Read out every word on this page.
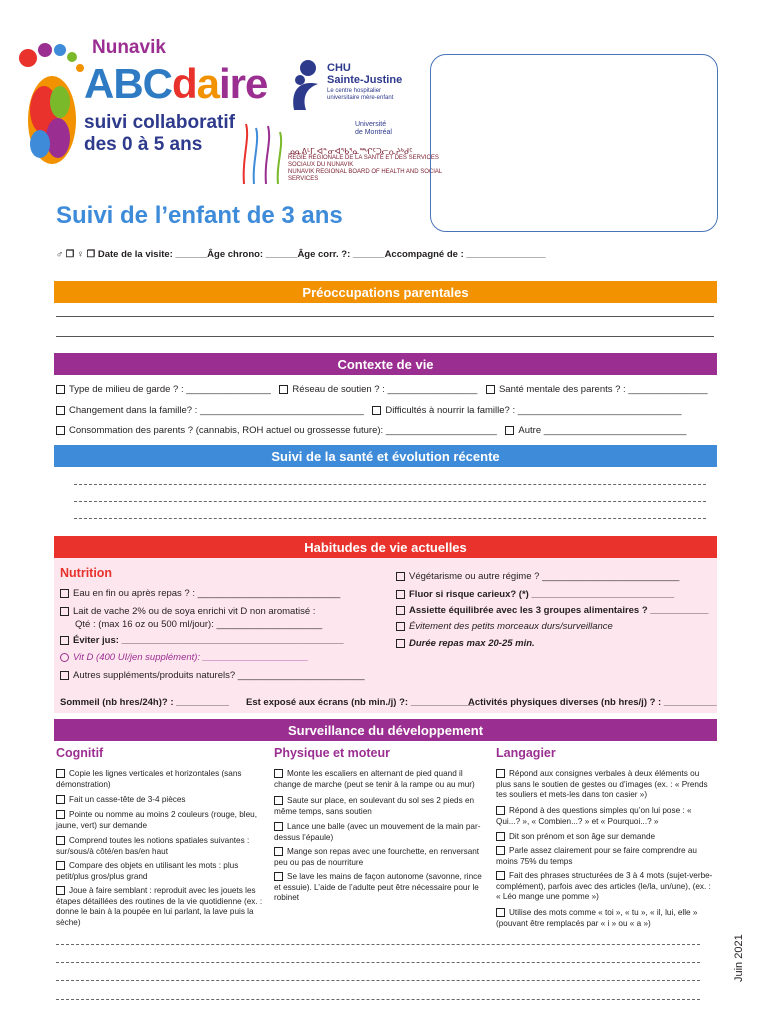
Nunavik
ABCdaire
suivi collaboratif
des 0 à 5 ans
CHU
Sainte-Justine
Le centre hospitalier
universitaire mère-enfant
Université
de Montréal
ᓄᓇᕕᒻᒥ ᐊᓐᓂᐊᖃᕐᓇᙱᑦᑐᓕᕆᔨᒃᑯᑦ
RÉGIE RÉGIONALE DE LA SANTÉ ET DES SERVICES SOCIAUX DU NUNAVIK
NUNAVIK REGIONAL BOARD OF HEALTH AND SOCIAL SERVICES
Suivi de l’enfant de 3 ans
♂ ❐ ♀ ❐ Date de la visite: ______Âge chrono: ______Âge corr. ?: ______Accompagné de : _______________
Préoccupations parentales
Contexte de vie
Type de milieu de garde ? : ________________ Réseau de soutien ? : _________________ Santé mentale des parents ? : _______________
Changement dans la famille? : _______________________________ Difficultés à nourrir la famille? : _______________________________
Consommation des parents ? (cannabis, ROH actuel ou grossesse future): _____________________ Autre ___________________________
Suivi de la santé et évolution récente
Habitudes de vie actuelles
Nutrition
Eau en fin ou après repas ? : ___________________________
Lait de vache 2% ou de soya enrichi vit D non aromatisé :
Qté : (max 16 oz ou 500 ml/jour): ____________________
Éviter jus: __________________________________________
Vit D (400 UI/jen supplément): ____________________
Autres suppléments/produits naturels? ________________________
Végétarisme ou autre régime ? __________________________
Fluor si risque carieux? (*) ___________________________
Assiette équilibrée avec les 3 groupes alimentaires ? ___________
Évitement des petits morceaux durs/surveillance
Durée repas max 20-25 min.
Sommeil (nb hres/24h)? : __________ Est exposé aux écrans (nb min./j) ?: ____________
Activités physiques diverses (nb hres/j) ? : __________
Surveillance du développement
Cognitif	Physique et moteur	Langagier
Copie les lignes verticales et horizontales (sans démonstration)
Fait un casse-tête de 3-4 pièces
Pointe ou nomme au moins 2 couleurs (rouge, bleu, jaune, vert) sur demande
Comprend toutes les notions spatiales suivantes : sur/sous/à côté/en bas/en haut
Compare des objets en utilisant les mots : plus petit/plus gros/plus grand
Joue à faire semblant : reproduit avec les jouets les étapes détaillées des routines de la vie quotidienne (ex. : donne le bain à la poupée en lui parlant, la lave puis la sèche)
Monte les escaliers en alternant de pied quand il change de marche (peut se tenir à la rampe ou au mur)
Saute sur place, en soulevant du sol ses 2 pieds en même temps, sans soutien
Lance une balle (avec un mouvement de la main par-dessus l’épaule)
Mange son repas avec une fourchette, en renversant peu ou pas de nourriture
Se lave les mains de façon autonome (savonne, rince et essuie). L’aide de l’adulte peut être nécessaire pour le robinet
Répond aux consignes verbales à deux éléments ou plus sans le soutien de gestes ou d’images (ex. : « Prends tes souliers et mets-les dans ton casier »)
Répond à des questions simples qu’on lui pose : « Qui...? », « Combien...? » et « Pourquoi...? »
Dit son prénom et son âge sur demande
Parle assez clairement pour se faire comprendre au moins 75% du temps
Fait des phrases structurées de 3 à 4 mots (sujet-verbe-complément), parfois avec des articles (le/la, un/une), (ex. : « Léo mange une pomme »)
Utilise des mots comme « toi », « tu », « il, lui, elle » (pouvant être remplacés par « i » ou « a »)
Juin 2021
